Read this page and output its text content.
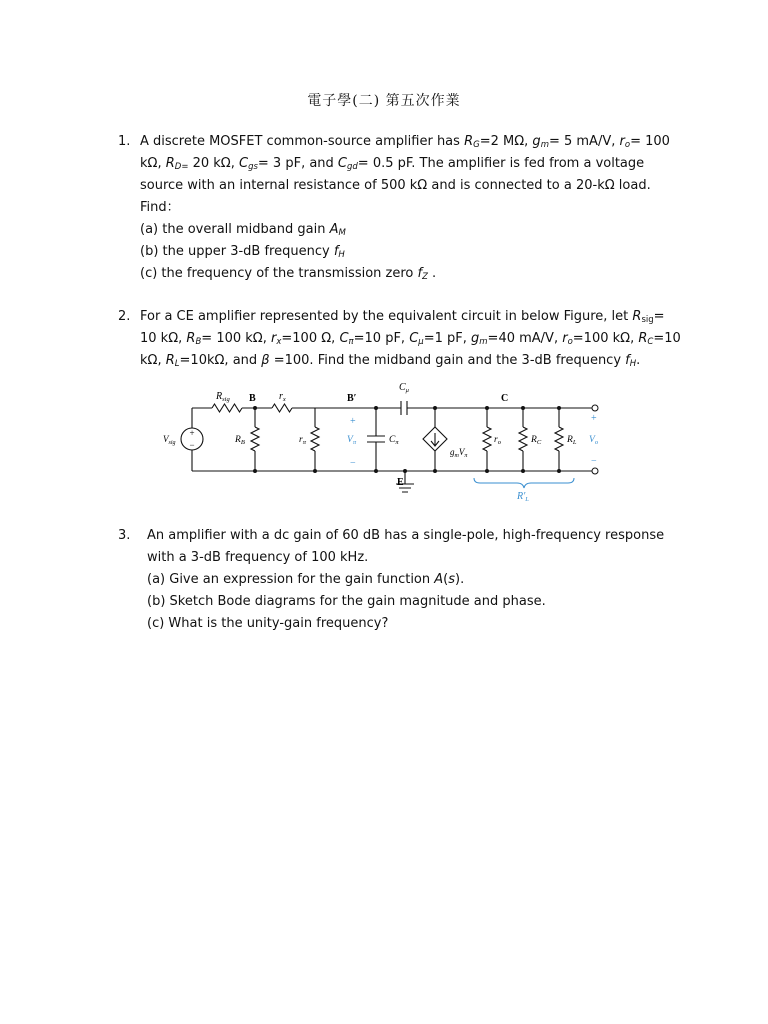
電子學(二) 第五次作業
1. A discrete MOSFET common-source amplifier has $R_G=2$ MΩ, $g_m= 5$ mA/V, $r_o= 100$
kΩ, $R_{D=}$ 20 kΩ, $C_{gs}= 3$ pF, and $C_{gd}= 0.5$ pF. The amplifier is fed from a voltage
source with an internal resistance of 500 kΩ and is connected to a 20-kΩ load.
Find：
(a) the overall midband gain $A_M$
(b) the upper 3-dB frequency $f_H$
(c) the frequency of the transmission zero $f_Z$ .
2. For a CE amplifier represented by the equivalent circuit in below Figure, let $R_{sig}=$
10 kΩ, $R_B= 100$ kΩ, $r_x=100$ Ω, $C_\pi=10$ pF, $C_\mu=1$ pF, $g_m=40$ mA/V, $r_o=100$ kΩ, $R_C=10$
kΩ, $R_L=10k\Omega$, and β =100. Find the midband gain and the 3-dB frequency $f_H$.
+
−
$R_{sig}$ B $r_x$	B′
$C_\mu$
C
$V_{sig}$	$R_B$	$r_\pi$
+
$V_\pi$
−
$C_\pi$
$g_mV_\pi$
$r_o$	$R_C$	$R_L$
+
$V_o$
−
E
$R'_L$
3. An amplifier with a dc gain of 60 dB has a single-pole, high-frequency response
with a 3-dB frequency of 100 kHz.
(a) Give an expression for the gain function A(s).
(b) Sketch Bode diagrams for the gain magnitude and phase.
(c) What is the unity-gain frequency?
